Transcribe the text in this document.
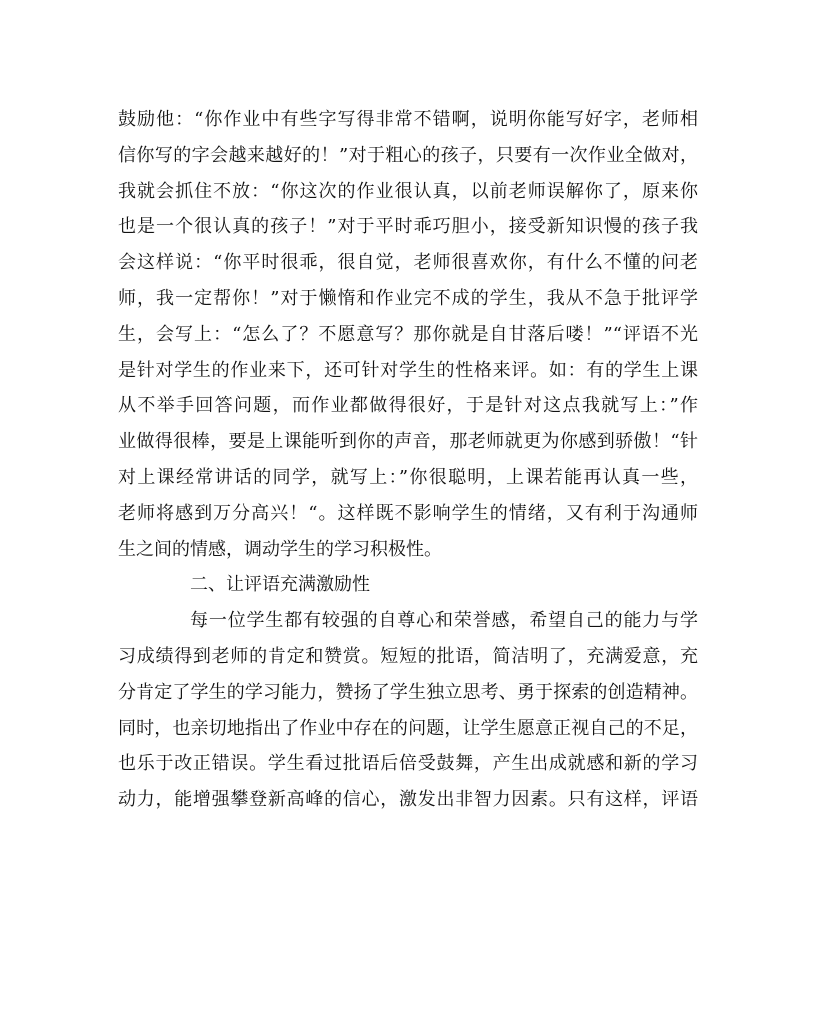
鼓励他：“你作业中有些字写得非常不错啊，说明你能写好字，老师相
信你写的字会越来越好的！”对于粗心的孩子，只要有一次作业全做对，
我就会抓住不放：“你这次的作业很认真，以前老师误解你了，原来你
也是一个很认真的孩子！”对于平时乖巧胆小，接受新知识慢的孩子我
会这样说：“你平时很乖，很自觉，老师很喜欢你，有什么不懂的问老
师，我一定帮你！”对于懒惰和作业完不成的学生，我从不急于批评学
生，会写上：“怎么了？不愿意写？那你就是自甘落后喽！”“评语不光
是针对学生的作业来下，还可针对学生的性格来评。如：有的学生上课
从不举手回答问题，而作业都做得很好，于是针对这点我就写上：”作
业做得很棒，要是上课能听到你的声音，那老师就更为你感到骄傲！“针
对上课经常讲话的同学，就写上：”你很聪明，上课若能再认真一些，
老师将感到万分高兴！“。这样既不影响学生的情绪，又有利于沟通师
生之间的情感，调动学生的学习积极性。
二、让评语充满激励性
每一位学生都有较强的自尊心和荣誉感，希望自己的能力与学
习成绩得到老师的肯定和赞赏。短短的批语，简洁明了，充满爱意，充
分肯定了学生的学习能力，赞扬了学生独立思考、勇于探索的创造精神。
同时，也亲切地指出了作业中存在的问题，让学生愿意正视自己的不足，
也乐于改正错误。学生看过批语后倍受鼓舞，产生出成就感和新的学习
动力，能增强攀登新高峰的信心，激发出非智力因素。只有这样，评语
